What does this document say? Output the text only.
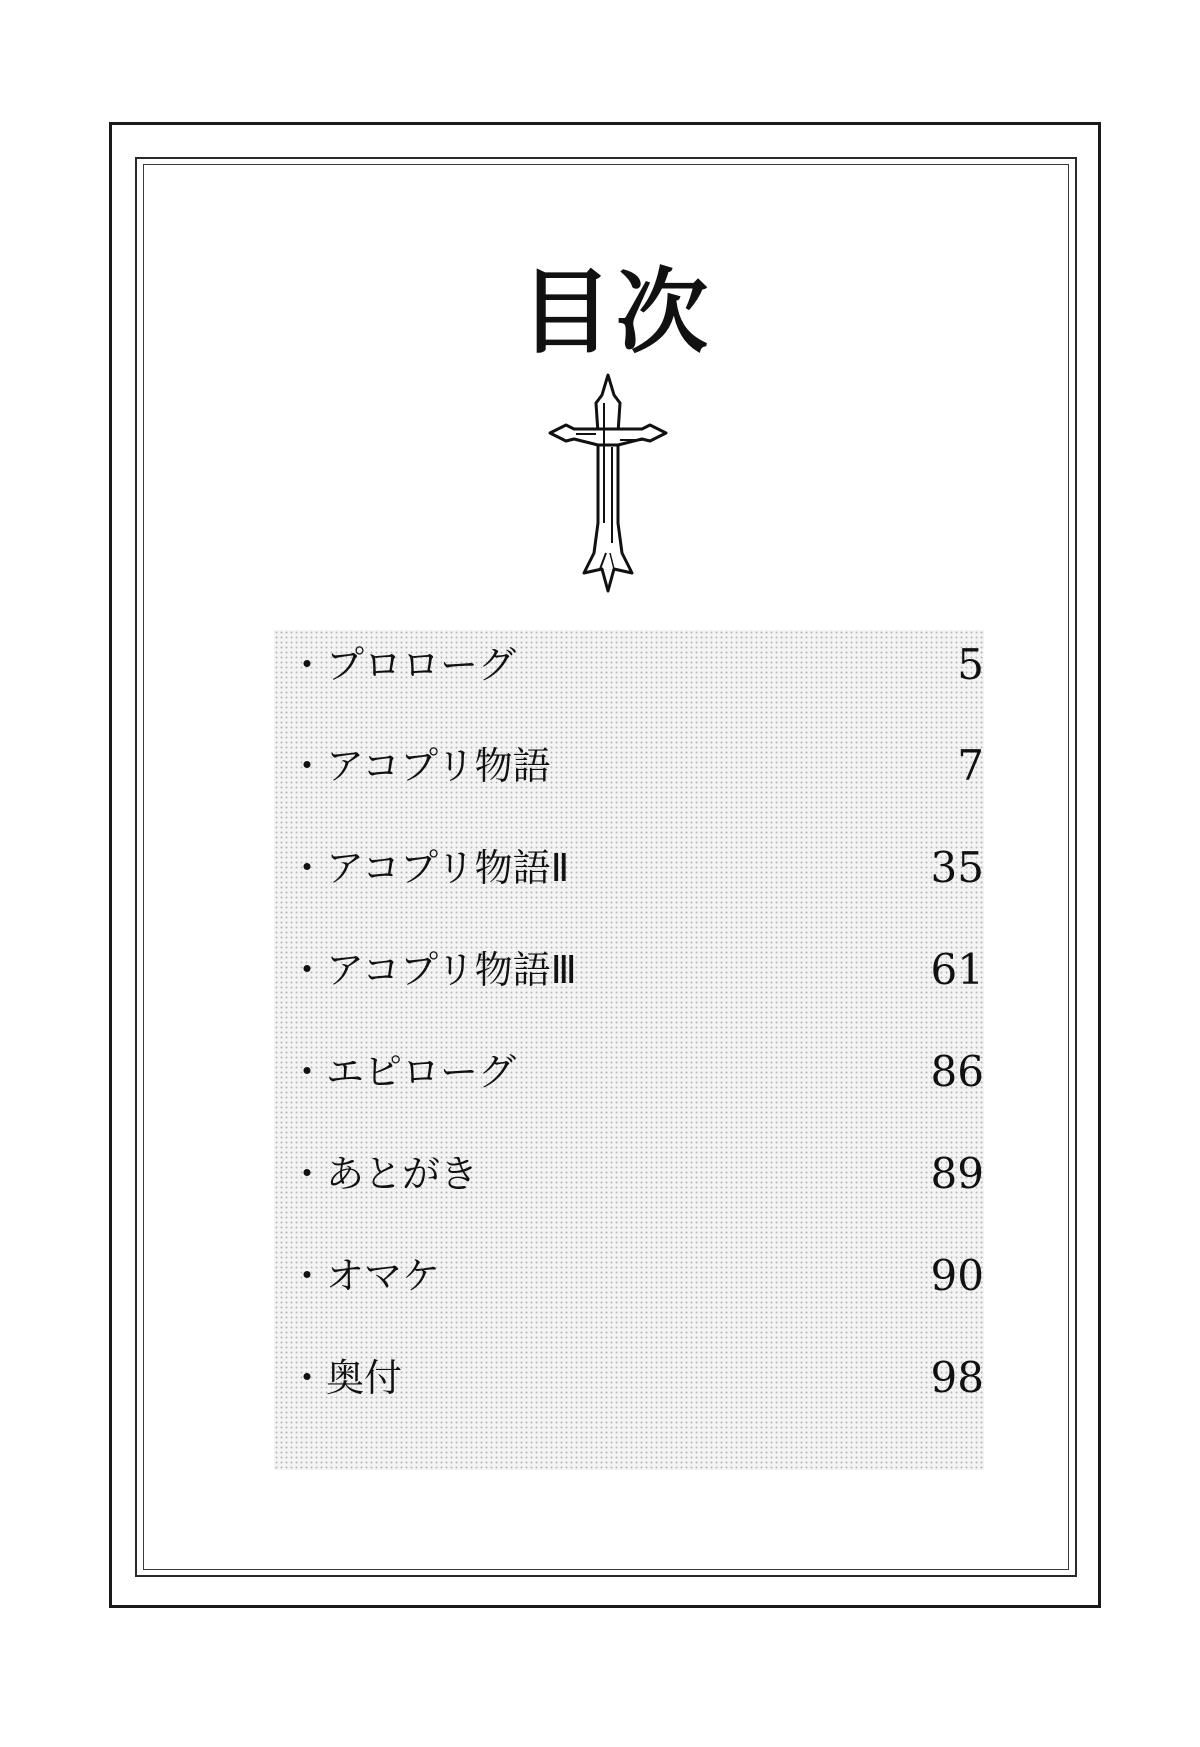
目次
・プロローグ	5
・アコプリ物語	7
・アコプリ物語Ⅱ	35
・アコプリ物語Ⅲ	61
・エピローグ	86
・あとがき	89
・オマケ	90
・奥付	98
